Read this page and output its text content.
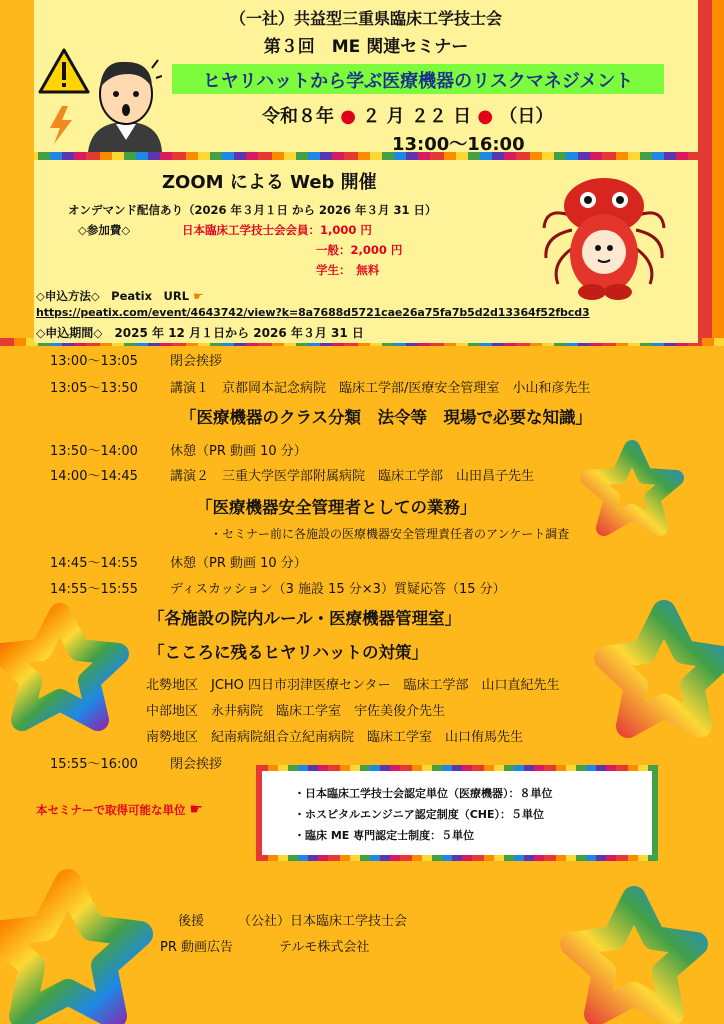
（一社）共益型三重県臨床工学技士会
第３回　ME 関連セミナー
ヒヤリハットから学ぶ医療機器のリスクマネジメント
令和８年 ● ２ 月 ２２ 日 ● （日）
13:00～16:00
ZOOM による Web 開催
オンデマンド配信あり（2026 年３月１日 から 2026 年３月 31 日）
◇参加費◇	日本臨床工学技士会会員：1,000 円
一般：2,000 円
学生：　無料
◇申込方法◇　Peatix　URL ☛
https://peatix.com/event/4643742/view?k=8a7688d5721cae26a75fa7b5d2d13364f52fbcd3
◇申込期間◇　2025 年 12 月１日から 2026 年３月 31 日
13:00～13:05 閉会挨拶
13:05～13:50 講演１　京都岡本記念病院　臨床工学部/医療安全管理室　小山和彦先生
「医療機器のクラス分類　法令等　現場で必要な知識」
13:50～14:00 休憩（PR 動画 10 分）
14:00～14:45 講演２　三重大学医学部附属病院　臨床工学部　山田昌子先生
「医療機器安全管理者としての業務」
・セミナー前に各施設の医療機器安全管理責任者のアンケート調査
14:45～14:55 休憩（PR 動画 10 分）
14:55～15:55 ディスカッション（3 施設 15 分×3）質疑応答（15 分）
「各施設の院内ルール・医療機器管理室」
「こころに残るヒヤリハットの対策」
北勢地区　JCHO 四日市羽津医療センター　臨床工学部　山口直紀先生
中部地区　永井病院　臨床工学室　宇佐美俊介先生
南勢地区　紀南病院組合立紀南病院　臨床工学室　山口侑馬先生
15:55～16:00 閉会挨拶
本セミナーで取得可能な単位 ☛
・日本臨床工学技士会認定単位（医療機器）：８単位
・ホスピタルエンジニア認定制度（CHE）：５単位
・臨床 ME 専門認定士制度：５単位
後援	（公社）日本臨床工学技士会
PR 動画広告	テルモ株式会社
